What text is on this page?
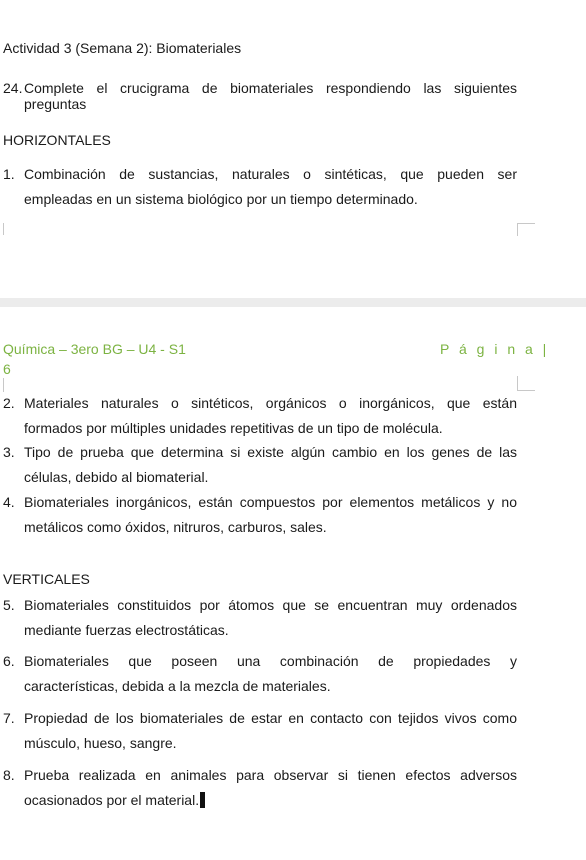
Actividad 3 (Semana 2): Biomateriales
24. Complete el crucigrama de biomateriales respondiendo las siguientes preguntas
HORIZONTALES
1. Combinación de sustancias, naturales o sintéticas, que pueden ser
empleadas en un sistema biológico por un tiempo determinado.
Química – 3ero BG – U4 - S1	P á g i n a |
6
2. Materiales naturales o sintéticos, orgánicos o inorgánicos, que están
formados por múltiples unidades repetitivas de un tipo de molécula.
3. Tipo de prueba que determina si existe algún cambio en los genes de las
células, debido al biomaterial.
4. Biomateriales inorgánicos, están compuestos por elementos metálicos y no
metálicos como óxidos, nitruros, carburos, sales.
VERTICALES
5. Biomateriales constituidos por átomos que se encuentran muy ordenados
mediante fuerzas electrostáticas.
6. Biomateriales que poseen una combinación de propiedades y
características, debida a la mezcla de materiales.
7. Propiedad de los biomateriales de estar en contacto con tejidos vivos como
músculo, hueso, sangre.
8. Prueba realizada en animales para observar si tienen efectos adversos
ocasionados por el material.
